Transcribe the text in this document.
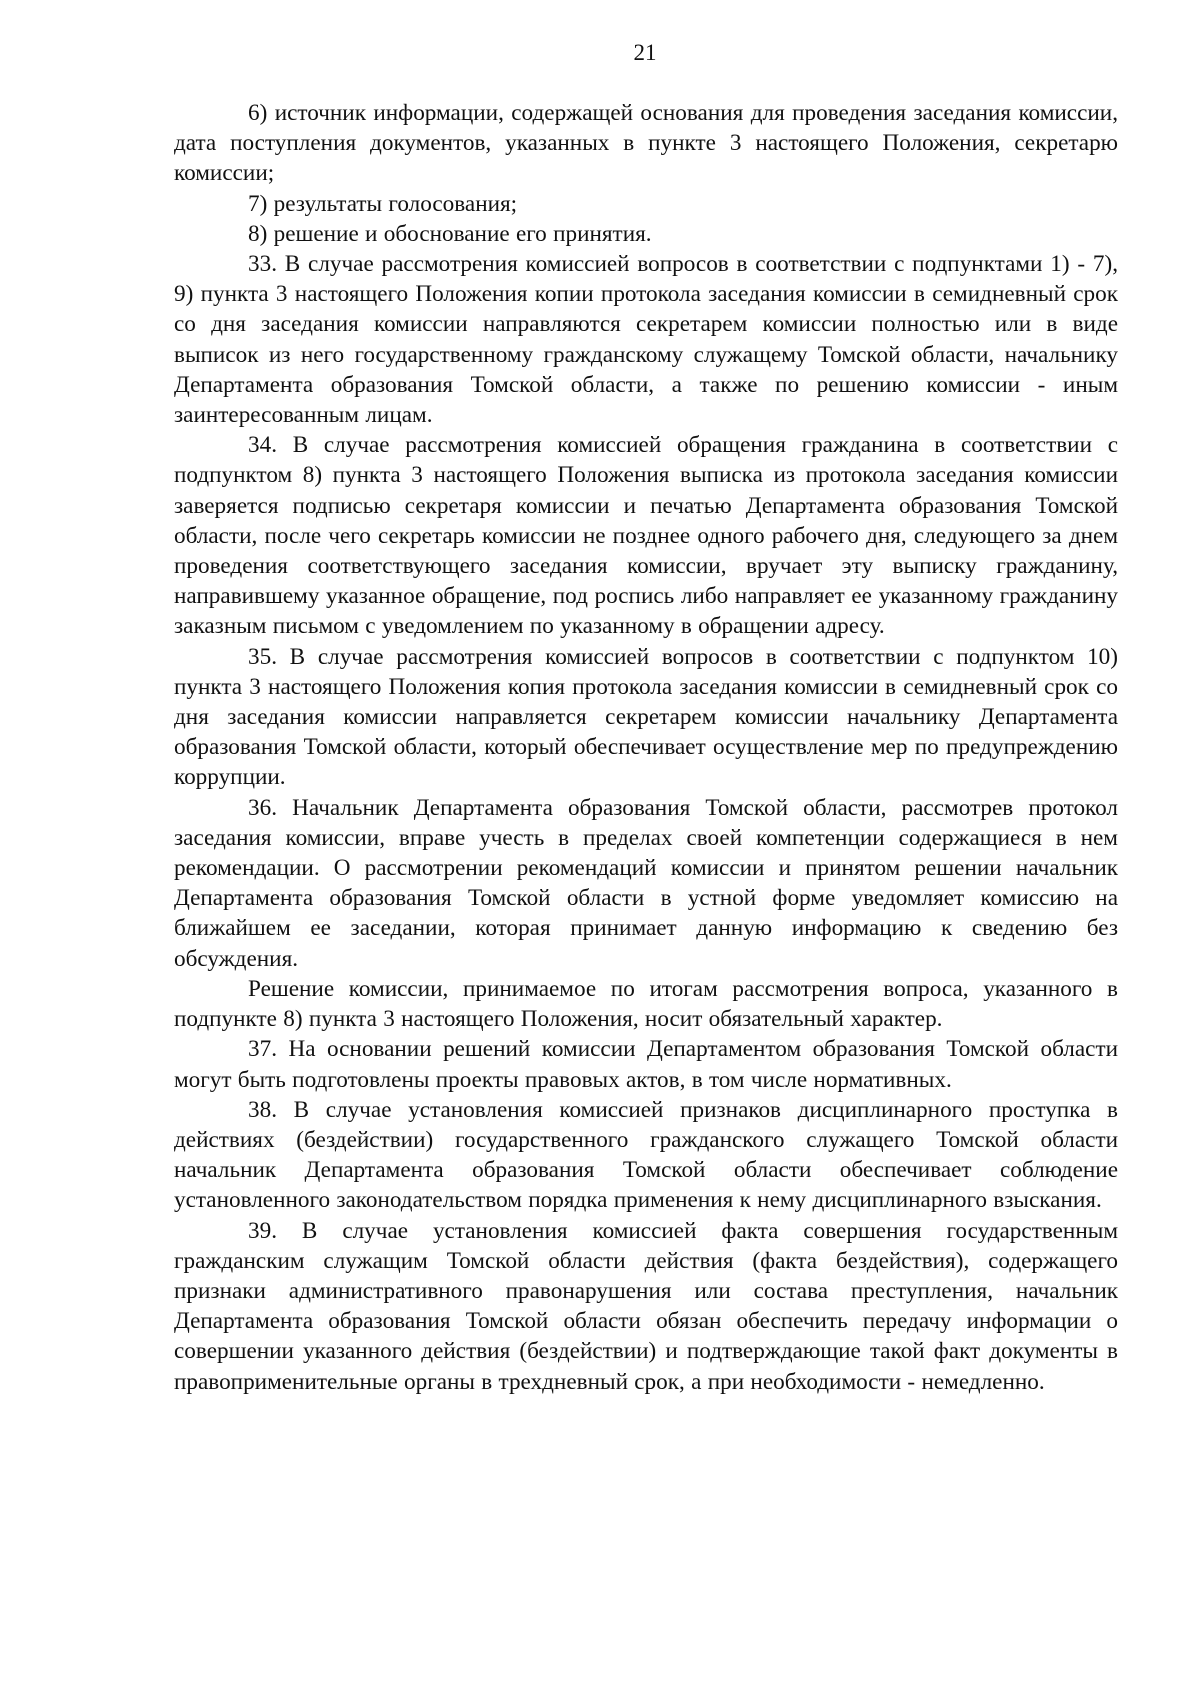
21

6) источник информации, содержащей основания для проведения заседания комиссии, дата поступления документов, указанных в пункте 3 настоящего Положения, секретарю комиссии;

7) результаты голосования;

8) решение и обоснование его принятия.

33. В случае рассмотрения комиссией вопросов в соответствии с подпунктами 1) - 7), 9) пункта 3 настоящего Положения копии протокола заседания комиссии в семидневный срок со дня заседания комиссии направляются секретарем комиссии полностью или в виде выписок из него государственному гражданскому служащему Томской области, начальнику Департамента образования Томской области, а также по решению комиссии - иным заинтересованным лицам.

34. В случае рассмотрения комиссией обращения гражданина в соответствии с подпунктом 8) пункта 3 настоящего Положения выписка из протокола заседания комиссии заверяется подписью секретаря комиссии и печатью Департамента образования Томской области, после чего секретарь комиссии не позднее одного рабочего дня, следующего за днем проведения соответствующего заседания комиссии, вручает эту выписку гражданину, направившему указанное обращение, под роспись либо направляет ее указанному гражданину заказным письмом с уведомлением по указанному в обращении адресу.

35. В случае рассмотрения комиссией вопросов в соответствии с подпунктом 10) пункта 3 настоящего Положения копия протокола заседания комиссии в семидневный срок со дня заседания комиссии направляется секретарем комиссии начальнику Департамента образования Томской области, который обеспечивает осуществление мер по предупреждению коррупции.

36. Начальник Департамента образования Томской области, рассмотрев протокол заседания комиссии, вправе учесть в пределах своей компетенции содержащиеся в нем рекомендации. О рассмотрении рекомендаций комиссии и принятом решении начальник Департамента образования Томской области в устной форме уведомляет комиссию на ближайшем ее заседании, которая принимает данную информацию к сведению без обсуждения.

Решение комиссии, принимаемое по итогам рассмотрения вопроса, указанного в подпункте 8) пункта 3 настоящего Положения, носит обязательный характер.

37. На основании решений комиссии Департаментом образования Томской области могут быть подготовлены проекты правовых актов, в том числе нормативных.

38. В случае установления комиссией признаков дисциплинарного проступка в действиях (бездействии) государственного гражданского служащего Томской области начальник Департамента образования Томской области обеспечивает соблюдение установленного законодательством порядка применения к нему дисциплинарного взыскания.

39. В случае установления комиссией факта совершения государственным гражданским служащим Томской области действия (факта бездействия), содержащего признаки административного правонарушения или состава преступления, начальник Департамента образования Томской области обязан обеспечить передачу информации о совершении указанного действия (бездействии) и подтверждающие такой факт документы в правоприменительные органы в трехдневный срок, а при необходимости - немедленно.
